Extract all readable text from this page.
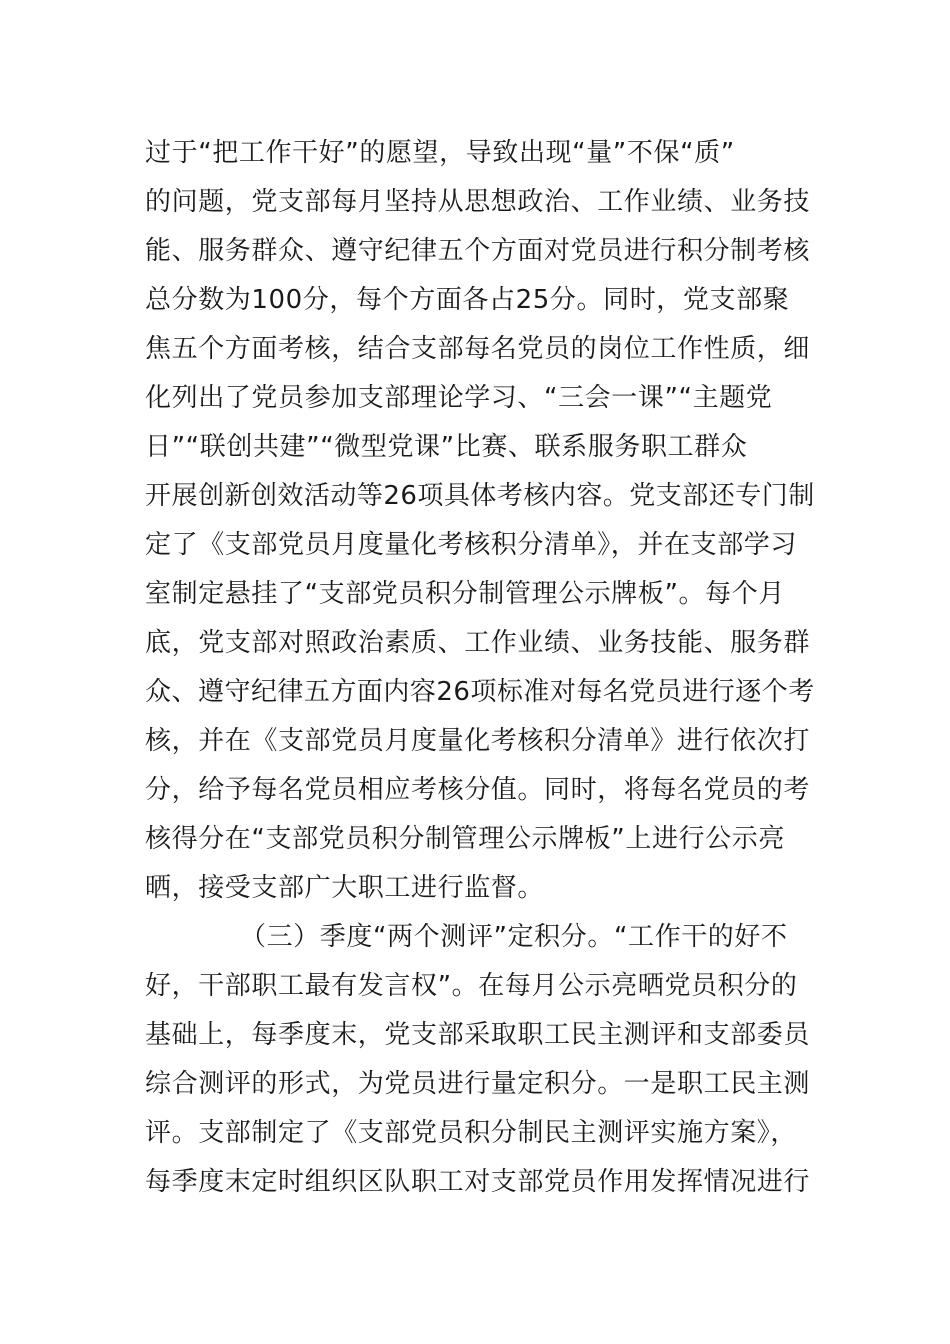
过于“把工作干好”的愿望，导致出现“量”不保“质”
的问题，党支部每月坚持从思想政治、工作业绩、业务技
能、服务群众、遵守纪律五个方面对党员进行积分制考核
总分数为100分，每个方面各占25分。同时，党支部聚
焦五个方面考核，结合支部每名党员的岗位工作性质，细
化列出了党员参加支部理论学习、“三会一课”“主题党
日”“联创共建”“微型党课”比赛、联系服务职工群众
开展创新创效活动等26项具体考核内容。党支部还专门制
定了《支部党员月度量化考核积分清单》，并在支部学习
室制定悬挂了“支部党员积分制管理公示牌板”。每个月
底，党支部对照政治素质、工作业绩、业务技能、服务群
众、遵守纪律五方面内容26项标准对每名党员进行逐个考
核，并在《支部党员月度量化考核积分清单》进行依次打
分，给予每名党员相应考核分值。同时，将每名党员的考
核得分在“支部党员积分制管理公示牌板”上进行公示亮
晒，接受支部广大职工进行监督。
（三）季度“两个测评”定积分。“工作干的好不
好，干部职工最有发言权”。在每月公示亮晒党员积分的
基础上，每季度末，党支部采取职工民主测评和支部委员
综合测评的形式，为党员进行量定积分。一是职工民主测
评。支部制定了《支部党员积分制民主测评实施方案》，
每季度末定时组织区队职工对支部党员作用发挥情况进行
